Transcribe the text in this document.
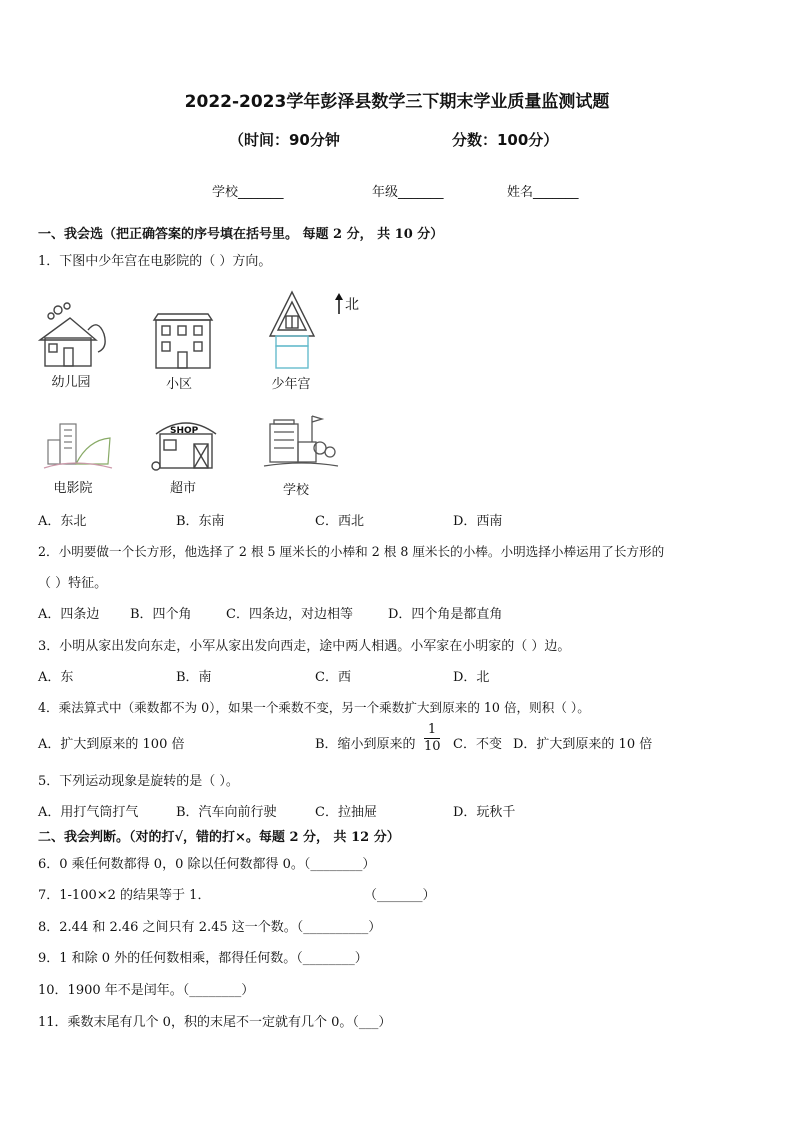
2022-2023学年彭泽县数学三下期末学业质量监测试题
（时间：90分钟	分数：100分）
学校_______	年级_______	姓名_______
一、我会选（把正确答案的序号填在括号里。 每题 2 分， 共 10 分）
1．下图中少年宫在电影院的（ ）方向。
北
幼儿园	小区	少年宫
电影院
SHOP
超市	学校
A．东北	B．东南	C．西北	D．西南
2．小明要做一个长方形，他选择了 2 根 5 厘米长的小棒和 2 根 8 厘米长的小棒。小明选择小棒运用了长方形的
（ ）特征。
A．四条边 B．四个角	C．四条边，对边相等	D．四个角是都直角
3．小明从家出发向东走，小军从家出发向西走，途中两人相遇。小军家在小明家的（ ）边。
A．东	B．南	C．西	D．北
4．乘法算式中（乘数都不为 0），如果一个乘数不变，另一个乘数扩大到原来的 10 倍，则积（ ）。
A．扩大到原来的 100 倍	B．缩小到原来的
1
10 C．不变 D．扩大到原来的 10 倍
5．下列运动现象是旋转的是（ ）。
A．用打气筒打气	B．汽车向前行驶	C．拉抽屉	D．玩秋千
二、我会判断。（对的打√，错的打×。每题 2 分， 共 12 分）
6．0 乘任何数都得 0，0 除以任何数都得 0。（________）
7．1-100×2 的结果等于 1．	（_______）
8．2.44 和 2.46 之间只有 2.45 这一个数。（__________）
9．1 和除 0 外的任何数相乘，都得任何数。（________）
10．1900 年不是闰年。（________）
11．乘数末尾有几个 0，积的末尾不一定就有几个 0。（___）
